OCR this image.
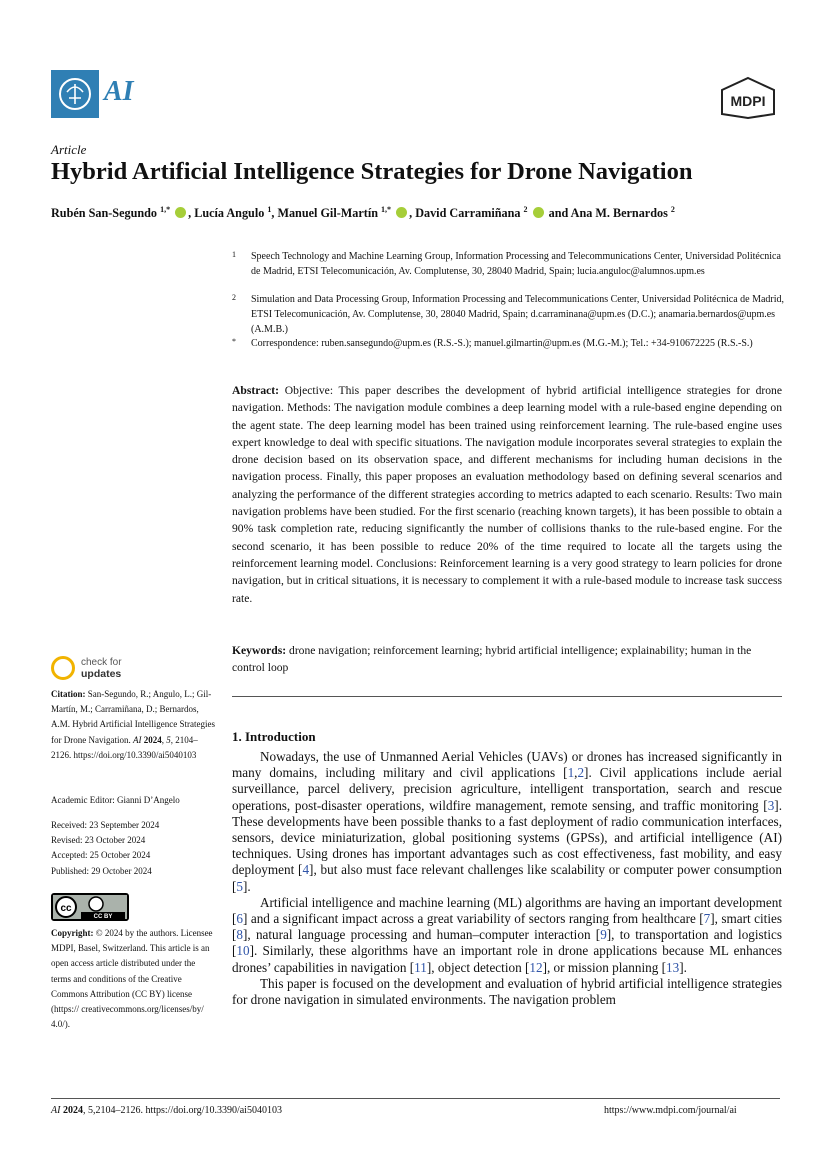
AI	MDPI
Article
Hybrid Artificial Intelligence Strategies for Drone Navigation
Rubén San-Segundo $^{1,*}$ , Lucía Angulo $^1$, Manuel Gil-Martín $^{1,*}$ , David Carramiñana $^2$ and Ana M. Bernardos $^2$
1 Speech Technology and Machine Learning Group, Information Processing and Telecommunications Center, Universidad Politécnica de Madrid, ETSI Telecomunicación, Av. Complutense, 30, 28040 Madrid, Spain; lucia.anguloc@alumnos.upm.es
2 Simulation and Data Processing Group, Information Processing and Telecommunications Center, Universidad Politécnica de Madrid, ETSI Telecomunicación, Av. Complutense, 30, 28040 Madrid, Spain; d.carraminana@upm.es (D.C.); anamaria.bernardos@upm.es (A.M.B.)
* Correspondence: ruben.sansegundo@upm.es (R.S.-S.); manuel.gilmartin@upm.es (M.G.-M.); Tel.: +34-910672225 (R.S.-S.)
Abstract: Objective: This paper describes the development of hybrid artificial intelligence strategies for drone navigation. Methods: The navigation module combines a deep learning model with a rule-based engine depending on the agent state. The deep learning model has been trained using reinforcement learning. The rule-based engine uses expert knowledge to deal with specific situations. The navigation module incorporates several strategies to explain the drone decision based on its observation space, and different mechanisms for including human decisions in the navigation process. Finally, this paper proposes an evaluation methodology based on defining several scenarios and analyzing the performance of the different strategies according to metrics adapted to each scenario. Results: Two main navigation problems have been studied. For the first scenario (reaching known targets), it has been possible to obtain a 90% task completion rate, reducing significantly the number of collisions thanks to the rule-based engine. For the second scenario, it has been possible to reduce 20% of the time required to locate all the targets using the reinforcement learning model. Conclusions: Reinforcement learning is a very good strategy to learn policies for drone navigation, but in critical situations, it is necessary to complement it with a rule-based module to increase task success rate.
Keywords: drone navigation; reinforcement learning; hybrid artificial intelligence; explainability; human in the control loop
check for
updates
Citation: San-Segundo, R.; Angulo, L.; Gil-Martín, M.; Carramiñana, D.; Bernardos, A.M. Hybrid Artificial Intelligence Strategies for Drone Navigation. AI 2024, 5, 2104–2126. https://doi.org/10.3390/ai5040103
Academic Editor: Gianni D’Angelo
Received: 23 September 2024
Revised: 23 October 2024
Accepted: 25 October 2024
Published: 29 October 2024
cc
CC BY
Copyright: © 2024 by the authors. Licensee MDPI, Basel, Switzerland. This article is an open access article distributed under the terms and conditions of the Creative Commons Attribution (CC BY) license (https:// creativecommons.org/licenses/by/ 4.0/).
1. Introduction

Nowadays, the use of Unmanned Aerial Vehicles (UAVs) or drones has increased significantly in many domains, including military and civil applications [1,2]. Civil applications include aerial surveillance, parcel delivery, precision agriculture, intelligent transportation, search and rescue operations, post-disaster operations, wildfire management, remote sensing, and traffic monitoring [3]. These developments have been possible thanks to a fast deployment of radio communication interfaces, sensors, device miniaturization, global positioning systems (GPSs), and artificial intelligence (AI) techniques. Using drones has important advantages such as cost effectiveness, fast mobility, and easy deployment [4], but also must face relevant challenges like scalability or computer power consumption [5].

Artificial intelligence and machine learning (ML) algorithms are having an important development [6] and a significant impact across a great variability of sectors ranging from healthcare [7], smart cities [8], natural language processing and human–computer interaction [9], to transportation and logistics [10]. Similarly, these algorithms have an important role in drone applications because ML enhances drones’ capabilities in navigation [11], object detection [12], or mission planning [13].

This paper is focused on the development and evaluation of hybrid artificial intelligence strategies for drone navigation in simulated environments. The navigation problem

AI 2024, 5,2104–2126. https://doi.org/10.3390/ai5040103	https://www.mdpi.com/journal/ai
